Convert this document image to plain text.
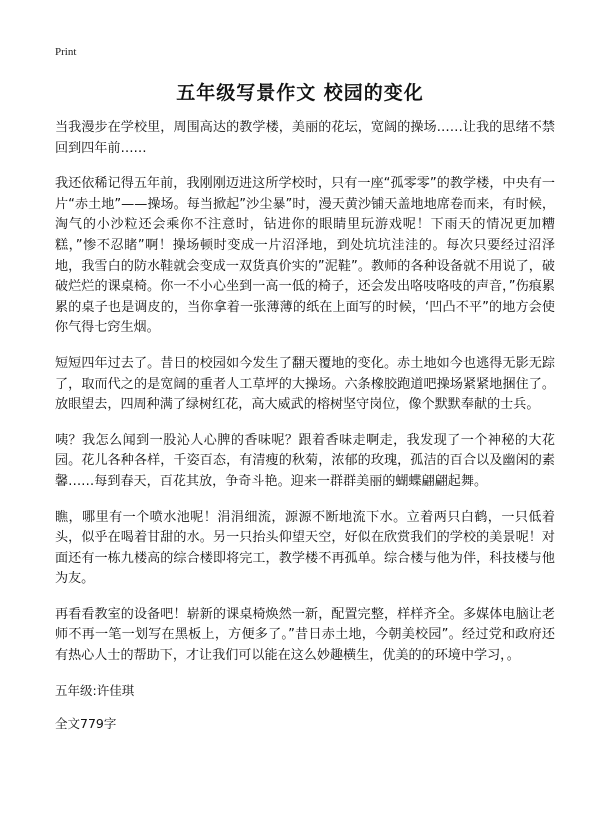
Print
五年级写景作文 校园的变化

当我漫步在学校里，周围高达的教学楼，美丽的花坛，宽阔的操场……让我的思绪不禁回到四年前……

我还依稀记得五年前，我刚刚迈进这所学校时，只有一座“孤零零”的教学楼，中央有一片“赤土地”——操场。每当掀起”沙尘暴”时，漫天黄沙铺天盖地地席卷而来，有时候，淘气的小沙粒还会乘你不注意时，钻进你的眼睛里玩游戏呢！下雨天的情况更加糟糕，”惨不忍睹”啊！操场顿时变成一片沼泽地，到处坑坑洼洼的。每次只要经过沼泽地，我雪白的防水鞋就会变成一双货真价实的”泥鞋”。教师的各种设备就不用说了，破破烂烂的课桌椅。你一不小心坐到一高一低的椅子，还会发出咯吱咯吱的声音，”伤痕累累的桌子也是调皮的，当你拿着一张薄薄的纸在上面写的时候，‘凹凸不平”的地方会使你气得七窍生烟。

短短四年过去了。昔日的校园如今发生了翻天覆地的变化。赤土地如今也逃得无影无踪了，取而代之的是宽阔的重者人工草坪的大操场。六条橡胶跑道吧操场紧紧地捆住了。放眼望去，四周种满了绿树红花，高大威武的榕树坚守岗位，像个默默奉献的士兵。

咦？我怎么闻到一股沁人心脾的香味呢？跟着香味走啊走，我发现了一个神秘的大花园。花儿各种各样，千姿百态，有清瘦的秋菊，浓郁的玫瑰，孤洁的百合以及幽闲的素馨……每到春天，百花其放，争奇斗艳。迎来一群群美丽的蝴蝶翩翩起舞。

瞧，哪里有一个喷水池呢！涓涓细流，源源不断地流下水。立着两只白鹤，一只低着头，似乎在喝着甘甜的水。另一只抬头仰望天空，好似在欣赏我们的学校的美景呢！对面还有一栋九楼高的综合楼即将完工，教学楼不再孤单。综合楼与他为伴，科技楼与他为友。

再看看教室的设备吧！崭新的课桌椅焕然一新，配置完整，样样齐全。多媒体电脑让老师不再一笔一划写在黑板上，方便多了。”昔日赤土地，今朝美校园”。经过党和政府还有热心人士的帮助下，才让我们可以能在这么妙趣横生，优美的的环境中学习，。

五年级:许佳琪

全文779字
